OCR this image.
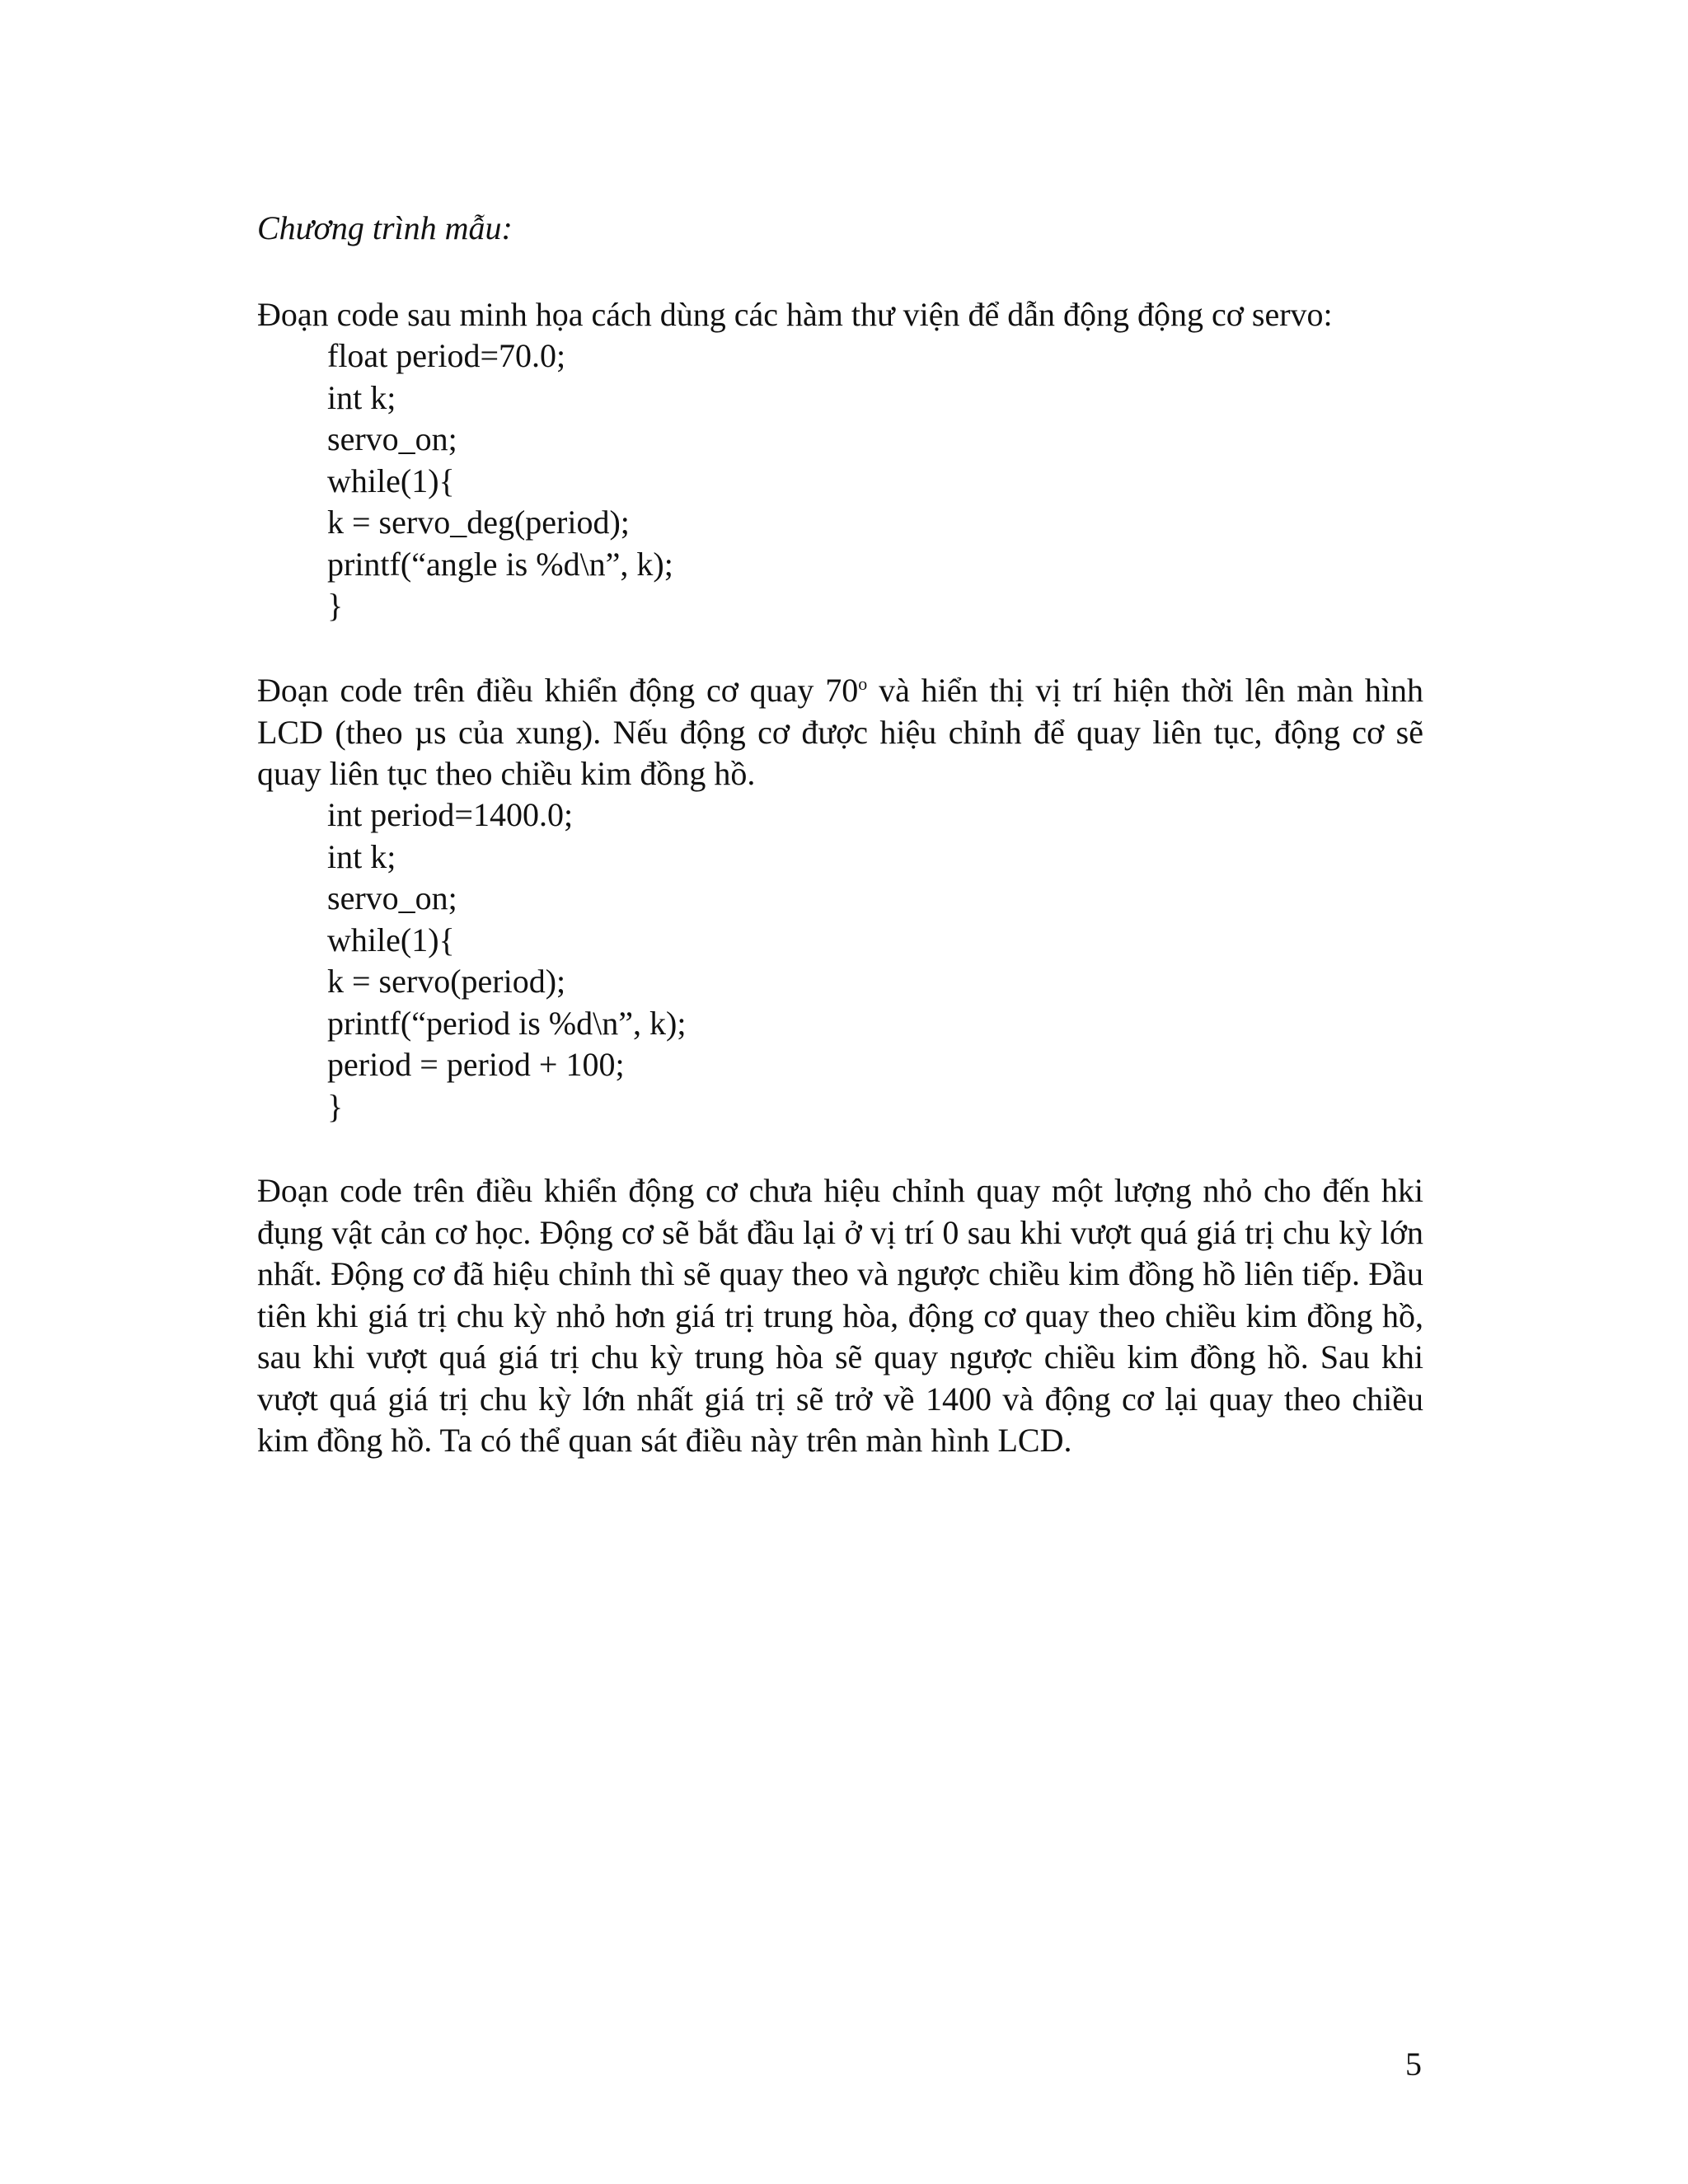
Chương trình mẫu:

Đoạn code sau minh họa cách dùng các hàm thư viện để dẫn động động cơ servo:

float period=70.0;
int k;
servo_on;
while(1){
k = servo_deg(period);
printf(“angle is %d\n”, k);
}

Đoạn code trên điều khiển động cơ quay 70$^o$ và hiển thị vị trí hiện thời lên màn hình LCD (theo µs của xung). Nếu động cơ được hiệu chỉnh để quay liên tục, động cơ sẽ quay liên tục theo chiều kim đồng hồ.

int period=1400.0;
int k;
servo_on;
while(1){
k = servo(period);
printf(“period is %d\n”, k);
period = period + 100;
}

Đoạn code trên điều khiển động cơ chưa hiệu chỉnh quay một lượng nhỏ cho đến hki đụng vật cản cơ học. Động cơ sẽ bắt đầu lại ở vị trí 0 sau khi vượt quá giá trị chu kỳ lớn nhất. Động cơ đã hiệu chỉnh thì sẽ quay theo và ngược chiều kim đồng hồ liên tiếp. Đầu tiên khi giá trị chu kỳ nhỏ hơn giá trị trung hòa, động cơ quay theo chiều kim đồng hồ, sau khi vượt quá giá trị chu kỳ trung hòa sẽ quay ngược chiều kim đồng hồ. Sau khi vượt quá giá trị chu kỳ lớn nhất giá trị sẽ trở về 1400 và động cơ lại quay theo chiều kim đồng hồ. Ta có thể quan sát điều này trên màn hình LCD.

5
